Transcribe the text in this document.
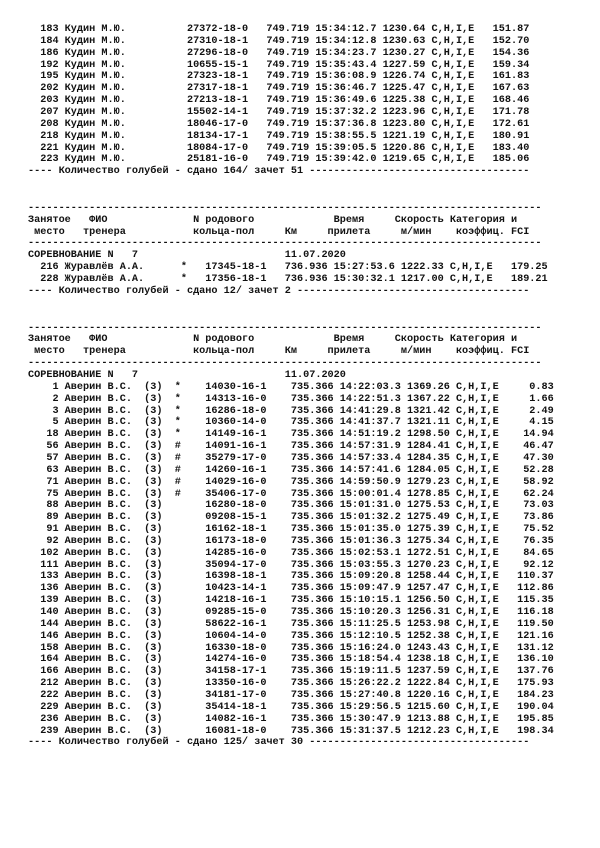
183 Кудин М.Ю.          27372-18-0   749.719 15:34:12.7 1230.64 C,H,I,E   151.87
184 Кудин М.Ю.          27310-18-1   749.719 15:34:12.8 1230.63 C,H,I,E   152.70
186 Кудин М.Ю.          27296-18-0   749.719 15:34:23.7 1230.27 C,H,I,E   154.36
192 Кудин М.Ю.          10655-15-1   749.719 15:35:43.4 1227.59 C,H,I,E   159.34
195 Кудин М.Ю.          27323-18-1   749.719 15:36:08.9 1226.74 C,H,I,E   161.83
202 Кудин М.Ю.          27317-18-1   749.719 15:36:46.7 1225.47 C,H,I,E   167.63
203 Кудин М.Ю.          27213-18-1   749.719 15:36:49.6 1225.38 C,H,I,E   168.46
207 Кудин М.Ю.          15502-14-1   749.719 15:37:32.2 1223.96 C,H,I,E   171.78
208 Кудин М.Ю.          18046-17-0   749.719 15:37:36.8 1223.80 C,H,I,E   172.61
218 Кудин М.Ю.          18134-17-1   749.719 15:38:55.5 1221.19 C,H,I,E   180.91
221 Кудин М.Ю.          18084-17-0   749.719 15:39:05.5 1220.86 C,H,I,E   183.40
223 Кудин М.Ю.          25181-16-0   749.719 15:39:42.0 1219.65 C,H,I,E   185.06
---- Количество голубей - сдано 164/ зачет 51 ------------------------------------
------------------------------------------------------------------------------------
Занятое   ФИО              N родового             Время     Скорость Категория и
место   тренера           кольца-пол     Км     прилета     м/мин    коэффиц. FCI
------------------------------------------------------------------------------------
СОРЕВНОВАНИЕ N   7                        11.07.2020
216 Журавлёв А.А.      *   17345-18-1   736.936 15:27:53.6 1222.33 C,H,I,E   179.25
228 Журавлёв А.А.      *   17356-18-1   736.936 15:30:32.1 1217.00 C,H,I,E   189.21
---- Количество голубей - сдано 12/ зачет 2 --------------------------------------
------------------------------------------------------------------------------------
Занятое   ФИО              N родового             Время     Скорость Категория и
место   тренера           кольца-пол     Км     прилета     м/мин    коэффиц. FCI
------------------------------------------------------------------------------------
СОРЕВНОВАНИЕ N   7                        11.07.2020
1 Аверин В.С.  (3)  *    14030-16-1    735.366 14:22:03.3 1369.26 C,H,I,E     0.83
2 Аверин В.С.  (3)  *    14313-16-0    735.366 14:22:51.3 1367.22 C,H,I,E     1.66
3 Аверин В.С.  (3)  *    16286-18-0    735.366 14:41:29.8 1321.42 C,H,I,E     2.49
5 Аверин В.С.  (3)  *    10360-14-0    735.366 14:41:37.7 1321.11 C,H,I,E     4.15
18 Аверин В.С.  (3)  *    14149-16-1    735.366 14:51:19.2 1298.50 C,H,I,E    14.94
56 Аверин В.С.  (3)  #    14091-16-1    735.366 14:57:31.9 1284.41 C,H,I,E    46.47
57 Аверин В.С.  (3)  #    35279-17-0    735.366 14:57:33.4 1284.35 C,H,I,E    47.30
63 Аверин В.С.  (3)  #    14260-16-1    735.366 14:57:41.6 1284.05 C,H,I,E    52.28
71 Аверин В.С.  (3)  #    14029-16-0    735.366 14:59:50.9 1279.23 C,H,I,E    58.92
75 Аверин В.С.  (3)  #    35406-17-0    735.366 15:00:01.4 1278.85 C,H,I,E    62.24
88 Аверин В.С.  (3)       16280-18-0    735.366 15:01:31.0 1275.53 C,H,I,E    73.03
89 Аверин В.С.  (3)       09208-15-1    735.366 15:01:32.2 1275.49 C,H,I,E    73.86
91 Аверин В.С.  (3)       16162-18-1    735.366 15:01:35.0 1275.39 C,H,I,E    75.52
92 Аверин В.С.  (3)       16173-18-0    735.366 15:01:36.3 1275.34 C,H,I,E    76.35
102 Аверин В.С.  (3)       14285-16-0    735.366 15:02:53.1 1272.51 C,H,I,E    84.65
111 Аверин В.С.  (3)       35094-17-0    735.366 15:03:55.3 1270.23 C,H,I,E    92.12
133 Аверин В.С.  (3)       16398-18-1    735.366 15:09:20.8 1258.44 C,H,I,E   110.37
136 Аверин В.С.  (3)       10423-14-1    735.366 15:09:47.9 1257.47 C,H,I,E   112.86
139 Аверин В.С.  (3)       14218-16-1    735.366 15:10:15.1 1256.50 C,H,I,E   115.35
140 Аверин В.С.  (3)       09285-15-0    735.366 15:10:20.3 1256.31 C,H,I,E   116.18
144 Аверин В.С.  (3)       58622-16-1    735.366 15:11:25.5 1253.98 C,H,I,E   119.50
146 Аверин В.С.  (3)       10604-14-0    735.366 15:12:10.5 1252.38 C,H,I,E   121.16
158 Аверин В.С.  (3)       16330-18-0    735.366 15:16:24.0 1243.43 C,H,I,E   131.12
164 Аверин В.С.  (3)       14274-16-0    735.366 15:18:54.4 1238.18 C,H,I,E   136.10
166 Аверин В.С.  (3)       34158-17-1    735.366 15:19:11.5 1237.59 C,H,I,E   137.76
212 Аверин В.С.  (3)       13350-16-0    735.366 15:26:22.2 1222.84 C,H,I,E   175.93
222 Аверин В.С.  (3)       34181-17-0    735.366 15:27:40.8 1220.16 C,H,I,E   184.23
229 Аверин В.С.  (3)       35414-18-1    735.366 15:29:56.5 1215.60 C,H,I,E   190.04
236 Аверин В.С.  (3)       14082-16-1    735.366 15:30:47.9 1213.88 C,H,I,E   195.85
239 Аверин В.С.  (3)       16081-18-0    735.366 15:31:37.5 1212.23 C,H,I,E   198.34
---- Количество голубей - сдано 125/ зачет 30 ------------------------------------
